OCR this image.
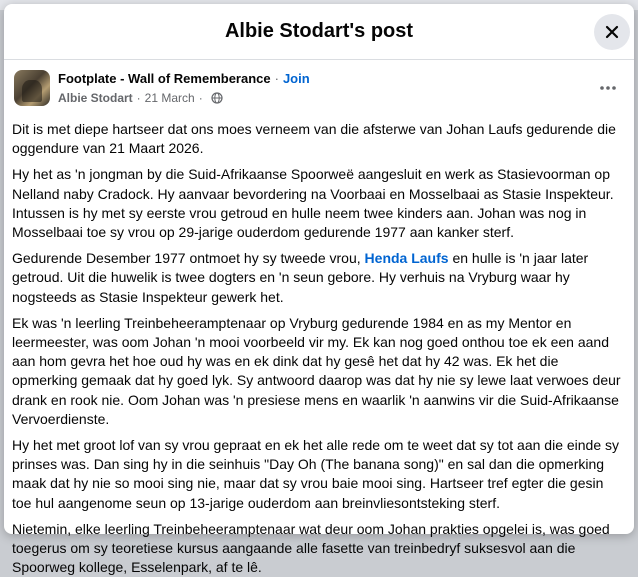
Albie Stodart's post
Footplate - Wall of Rememberance · Join
Albie Stodart · 21 March ·

Dit is met diepe hartseer dat ons moes verneem van die afsterwe van Johan Laufs gedurende die oggendure van 21 Maart 2026.

Hy het as 'n jongman by die Suid-Afrikaanse Spoorweë aangesluit en werk as Stasievoorman op Nelland naby Cradock. Hy aanvaar bevordering na Voorbaai en Mosselbaai as Stasie Inspekteur. Intussen is hy met sy eerste vrou getroud en hulle neem twee kinders aan. Johan was nog in Mosselbaai toe sy vrou op 29-jarige ouderdom gedurende 1977 aan kanker sterf.

Gedurende Desember 1977 ontmoet hy sy tweede vrou, Henda Laufs en hulle is 'n jaar later getroud. Uit die huwelik is twee dogters en 'n seun gebore. Hy verhuis na Vryburg waar hy nogsteeds as Stasie Inspekteur gewerk het.

Ek was 'n leerling Treinbeheeramptenaar op Vryburg gedurende 1984 en as my Mentor en leermeester, was oom Johan 'n mooi voorbeeld vir my. Ek kan nog goed onthou toe ek een aand aan hom gevra het hoe oud hy was en ek dink dat hy gesê het dat hy 42 was. Ek het die opmerking gemaak dat hy goed lyk. Sy antwoord daarop was dat hy nie sy lewe laat verwoes deur drank en rook nie. Oom Johan was 'n presiese mens en waarlik 'n aanwins vir die Suid-Afrikaanse Vervoerdienste.

Hy het met groot lof van sy vrou gepraat en ek het alle rede om te weet dat sy tot aan die einde sy prinses was. Dan sing hy in die seinhuis "Day Oh (The banana song)" en sal dan die opmerking maak dat hy nie so mooi sing nie, maar dat sy vrou baie mooi sing. Hartseer tref egter die gesin toe hul aangenome seun op 13-jarige ouderdom aan breinvliesontsteking sterf.

Nietemin, elke leerling Treinbeheeramptenaar wat deur oom Johan prakties opgelei is, was goed toegerus om sy teoretiese kursus aangaande alle fasette van treinbedryf suksesvol aan die Spoorweg kollege, Esselenpark, af te lê.
